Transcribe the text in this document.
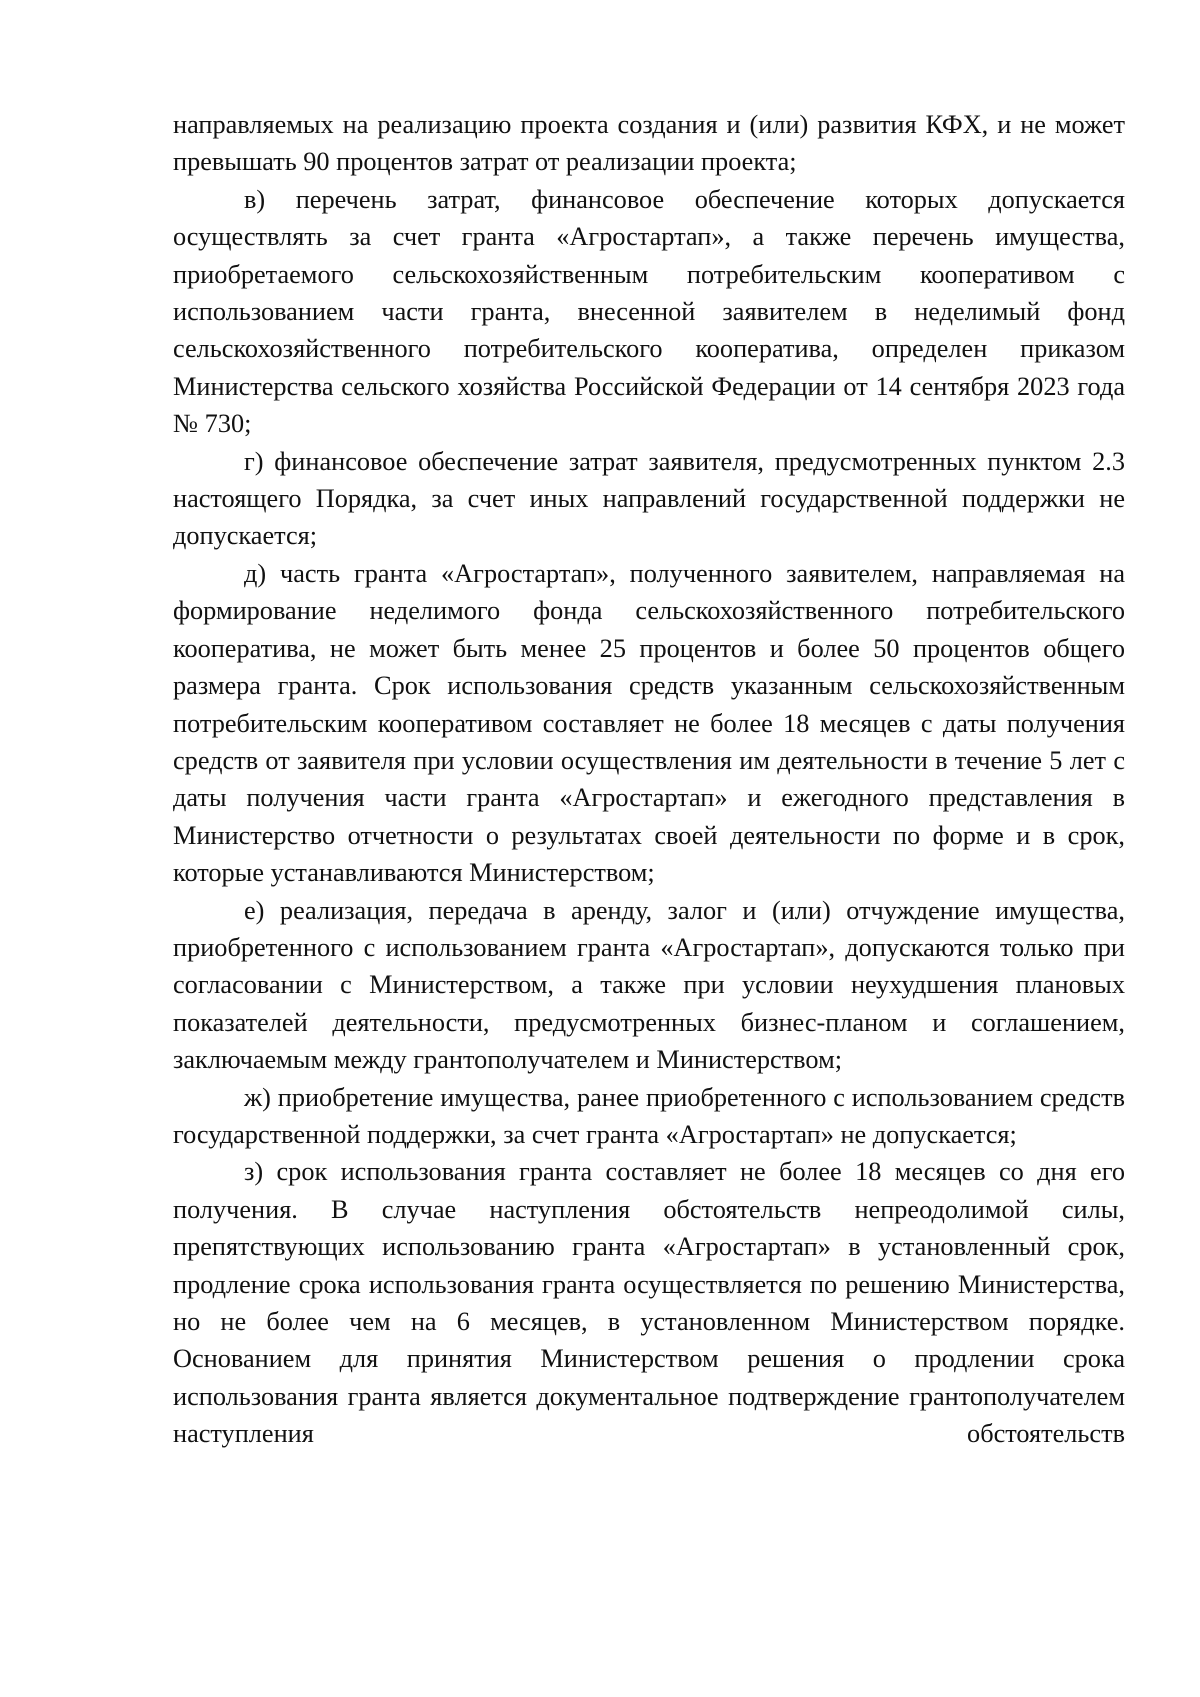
направляемых на реализацию проекта создания и (или) развития КФХ, и не может превышать 90 процентов затрат от реализации проекта;

в) перечень затрат, финансовое обеспечение которых допускается осуществлять за счет гранта «Агростартап», а также перечень имущества, приобретаемого сельскохозяйственным потребительским кооперативом с использованием части гранта, внесенной заявителем в неделимый фонд сельскохозяйственного потребительского кооператива, определен приказом Министерства сельского хозяйства Российской Федерации от 14 сентября 2023 года № 730;

г) финансовое обеспечение затрат заявителя, предусмотренных пунктом 2.3 настоящего Порядка, за счет иных направлений государственной поддержки не допускается;

д) часть гранта «Агростартап», полученного заявителем, направляемая на формирование неделимого фонда сельскохозяйственного потребительского кооператива, не может быть менее 25 процентов и более 50 процентов общего размера гранта. Срок использования средств указанным сельскохозяйственным потребительским кооперативом составляет не более 18 месяцев с даты получения средств от заявителя при условии осуществления им деятельности в течение 5 лет с даты получения части гранта «Агростартап» и ежегодного представления в Министерство отчетности о результатах своей деятельности по форме и в срок, которые устанавливаются Министерством;

е) реализация, передача в аренду, залог и (или) отчуждение имущества, приобретенного с использованием гранта «Агростартап», допускаются только при согласовании с Министерством, а также при условии неухудшения плановых показателей деятельности, предусмотренных бизнес-планом и соглашением, заключаемым между грантополучателем и Министерством;

ж) приобретение имущества, ранее приобретенного с использованием средств государственной поддержки, за счет гранта «Агростартап» не допускается;

з) срок использования гранта составляет не более 18 месяцев со дня его получения. В случае наступления обстоятельств непреодолимой силы, препятствующих использованию гранта «Агростартап» в установленный срок, продление срока использования гранта осуществляется по решению Министерства, но не более чем на 6 месяцев, в установленном Министерством порядке. Основанием для принятия Министерством решения о продлении срока использования гранта является документальное подтверждение грантополучателем наступления обстоятельств
